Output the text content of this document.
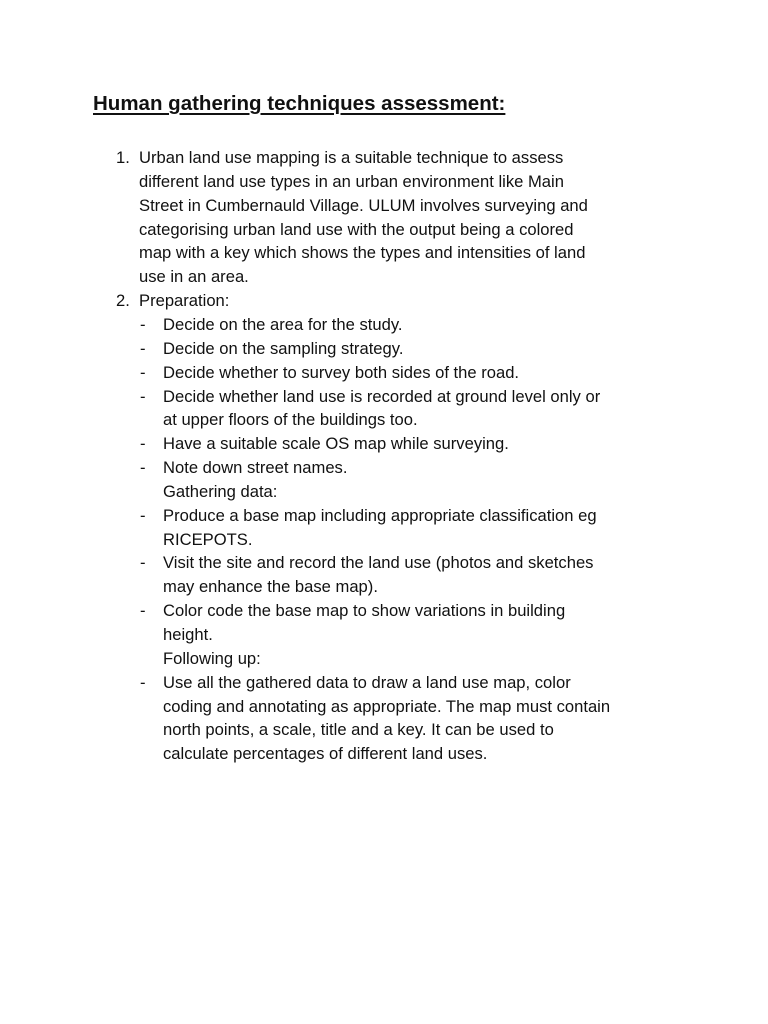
Human gathering techniques assessment:
1. Urban land use mapping is a suitable technique to assess
different land use types in an urban environment like Main
Street in Cumbernauld Village. ULUM involves surveying and
categorising urban land use with the output being a colored
map with a key which shows the types and intensities of land
use in an area.
2. Preparation:
- Decide on the area for the study.
- Decide on the sampling strategy.
- Decide whether to survey both sides of the road.
- Decide whether land use is recorded at ground level only or
at upper floors of the buildings too.
- Have a suitable scale OS map while surveying.
- Note down street names.
Gathering data:
- Produce a base map including appropriate classification eg
RICEPOTS.
- Visit the site and record the land use (photos and sketches
may enhance the base map).
- Color code the base map to show variations in building
height.
Following up:
- Use all the gathered data to draw a land use map, color
coding and annotating as appropriate. The map must contain
north points, a scale, title and a key. It can be used to
calculate percentages of different land uses.
